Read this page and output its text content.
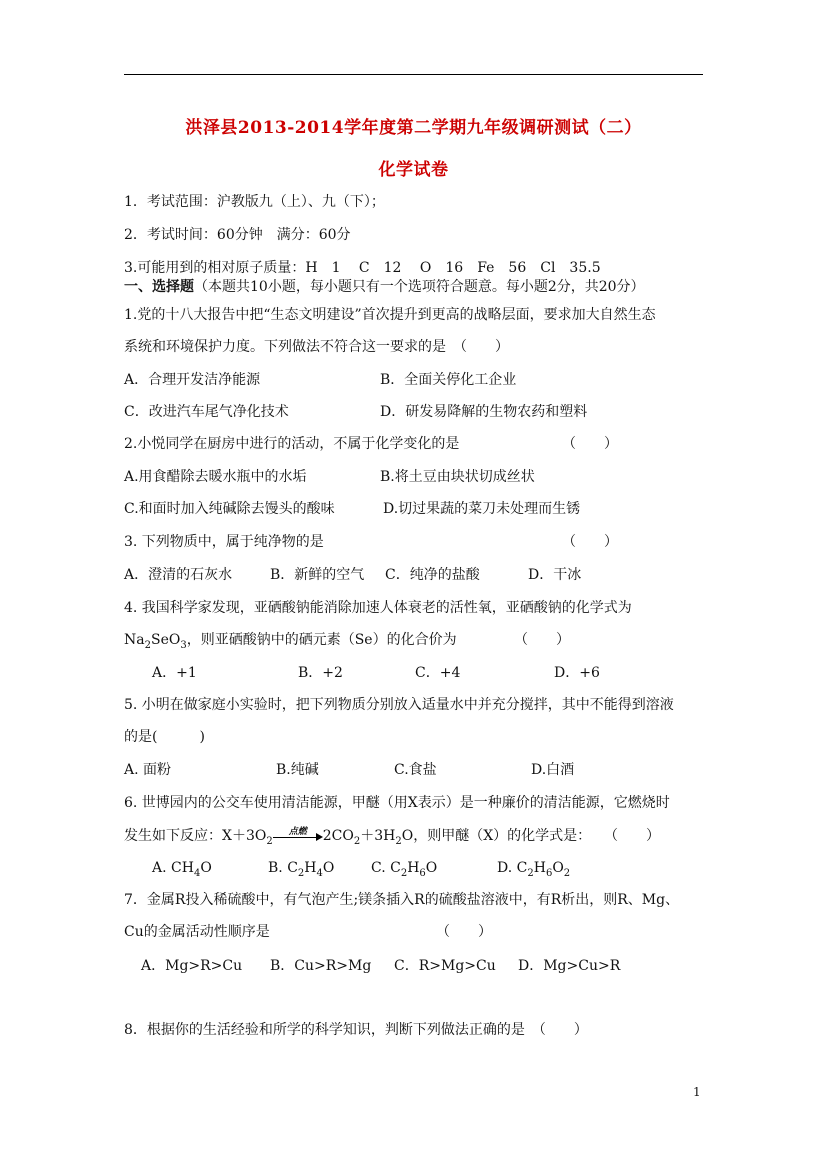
洪泽县2013-2014学年度第二学期九年级调研测试（二）
化学试卷
1．考试范围：沪教版九（上）、九（下）；
2．考试时间：60分钟　满分：60分
3.可能用到的相对原子质量：H　1　 C　12　 O　16　Fe　56　Cl　35.5
一、选择题（本题共10小题，每小题只有一个选项符合题意。每小题2分，共20分）
1.党的十八大报告中把“生态文明建设”首次提升到更高的战略层面，要求加大自然生态
系统和环境保护力度。下列做法不符合这一要求的是　（　　）
A．合理开发洁净能源	B．全面关停化工企业
C．改进汽车尾气净化技术	D．研发易降解的生物农药和塑料
2.小悦同学在厨房中进行的活动，不属于化学变化的是	（　　）
A.用食醋除去暖水瓶中的水垢	B.将土豆由块状切成丝状
C.和面时加入纯碱除去馒头的酸味	D.切过果蔬的菜刀未处理而生锈
3. 下列物质中，属于纯净物的是	（　　）
A．澄清的石灰水	B．新鲜的空气 C．纯净的盐酸	D．干冰
4. 我国科学家发现，亚硒酸钠能消除加速人体衰老的活性氧，亚硒酸钠的化学式为
$Na_2SeO_3$，则亚硒酸钠中的硒元素（Se）的化合价为	（　　）
A．+1	B．+2	C．+4	D．+6
5. 小明在做家庭小实验时，把下列物质分别放入适量水中并充分搅拌，其中不能得到溶液
的是(　　　)
A. 面粉	B.纯碱	C.食盐	D.白酒
6. 世博园内的公交车使用清洁能源，甲醚（用X表示）是一种廉价的清洁能源，它燃烧时
发生如下反应：$X+3O_2$
点燃	$2CO_2+3H_2O$，则甲醚（X）的化学式是： （　　）
A. $CH_4O$	B. $C_2H_4O$	C. $C_2H_6O$	D. $C_2H_6O_2$
7．金属R投入稀硫酸中，有气泡产生;镁条插入R的硫酸盐溶液中，有R析出，则R、Mg、
Cu的金属活动性顺序是	（　　）
A．Mg>R>Cu B．Cu>R>Mg C．R>Mg>Cu D．Mg>Cu>R
8．根据你的生活经验和所学的科学知识，判断下列做法正确的是　（　　）
1
